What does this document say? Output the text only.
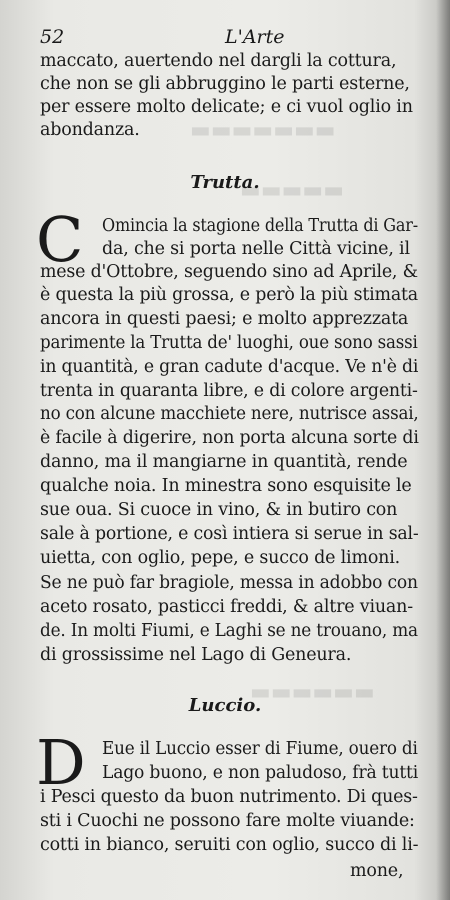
▬▬▬▬▬▬▬
▬▬▬▬▬
▬▬▬▬▬▬
52	L'Arte
maccato, auertendo nel dargli la cottura,
che non se gli abbruggino le parti esterne,
per essere molto delicate; e ci vuol oglio in
abondanza.
Trutta.
C Omincia la stagione della Trutta di Gar-
da, che si porta nelle Città vicine, il
mese d'Ottobre, seguendo sino ad Aprile, &
è questa la più grossa, e però la più stimata
ancora in questi paesi; e molto apprezzata
parimente la Trutta de' luoghi, oue sono sassi
in quantità, e gran cadute d'acque. Ve n'è di
trenta in quaranta libre, e di colore argenti-
no con alcune macchiete nere, nutrisce assai,
è facile à digerire, non porta alcuna sorte di
danno, ma il mangiarne in quantità, rende
qualche noia. In minestra sono esquisite le
sue oua. Si cuoce in vino, & in butiro con
sale à portione, e così intiera si serue in sal-
uietta, con oglio, pepe, e succo de limoni.
Se ne può far bragiole, messa in adobbo con
aceto rosato, pasticci freddi, & altre viuan-
de. In molti Fiumi, e Laghi se ne trouano, ma
di grossissime nel Lago di Geneura.
Luccio.
D Eue il Luccio esser di Fiume, ouero di
Lago buono, e non paludoso, frà tutti
i Pesci questo da buon nutrimento. Di ques-
sti i Cuochi ne possono fare molte viuande:
cotti in bianco, seruiti con oglio, succo di li-
mone,
